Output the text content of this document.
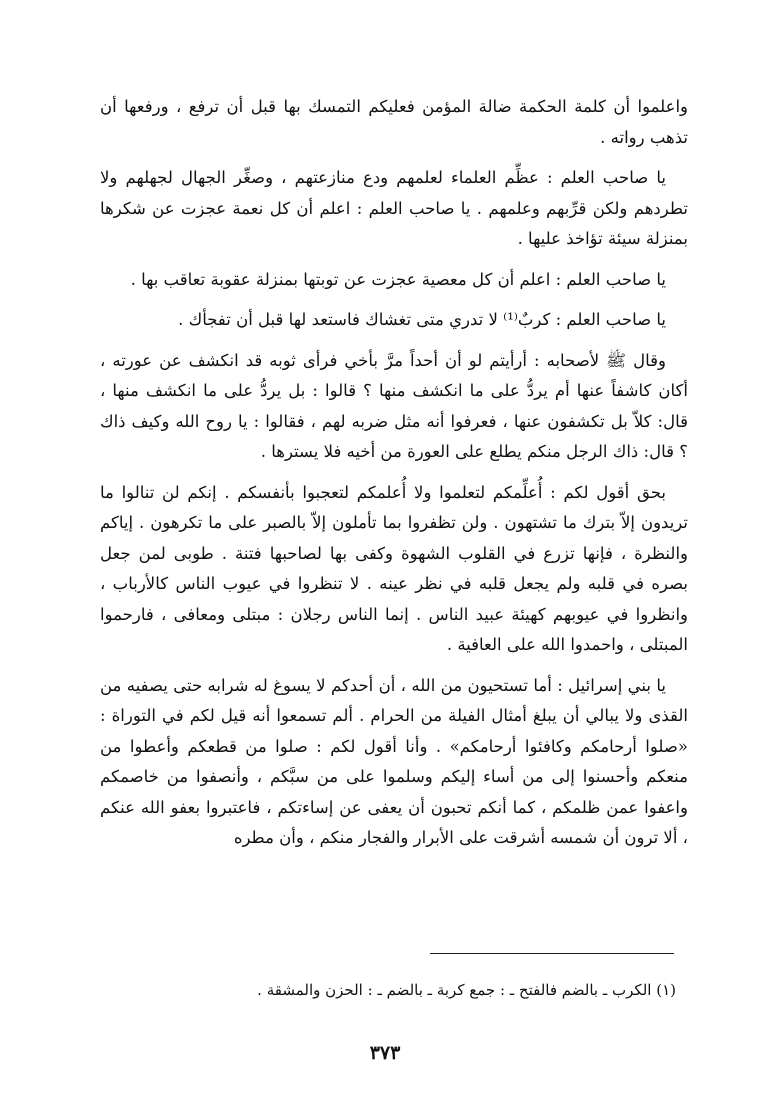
واعلموا أن كلمة الحكمة ضالة المؤمن فعليكم التمسك بها قبل أن ترفع ، ورفعها أن تذهب رواته .

يا صاحب العلم : عظِّم العلماء لعلمهم ودع منازعتهم ، وصغِّر الجهال لجهلهم ولا تطردهم ولكن قرِّبهم وعلمهم . يا صاحب العلم : اعلم أن كل نعمة عجزت عن شكرها بمنزلة سيئة تؤاخذ عليها .

يا صاحب العلم : اعلم أن كل معصية عجزت عن توبتها بمنزلة عقوبة تعاقب بها .

يا صاحب العلم : كربٌ⁽¹⁾ لا تدري متى تغشاك فاستعد لها قبل أن تفجأك .

وقال ﷺ لأصحابه : أرأيتم لو أن أحداً مرَّ بأخي فرأى ثوبه قد انكشف عن عورته ، أكان كاشفاً عنها أم يردُّ على ما انكشف منها ؟ قالوا : بل يردُّ على ما انكشف منها ، قال: كلاّ بل تكشفون عنها ، فعرفوا أنه مثل ضربه لهم ، فقالوا : يا روح الله وكيف ذاك ؟ قال: ذاك الرجل منكم يطلع على العورة من أخيه فلا يسترها .

بحق أقول لكم : أُعلِّمكم لتعلموا ولا أُعلمكم لتعجبوا بأنفسكم . إنكم لن تنالوا ما تريدون إلاّ بترك ما تشتهون . ولن تظفروا بما تأملون إلاّ بالصبر على ما تكرهون . إياكم والنظرة ، فإنها تزرع في القلوب الشهوة وكفى بها لصاحبها فتنة . طوبى لمن جعل بصره في قلبه ولم يجعل قلبه في نظر عينه . لا تنظروا في عيوب الناس كالأرباب ، وانظروا في عيوبهم كهيئة عبيد الناس . إنما الناس رجلان : مبتلى ومعافى ، فارحموا المبتلى ، واحمدوا الله على العافية .

يا بني إسرائيل : أما تستحيون من الله ، أن أحدكم لا يسوغ له شرابه حتى يصفيه من القذى ولا يبالي أن يبلغ أمثال الفيلة من الحرام . ألم تسمعوا أنه قيل لكم في التوراة : «صلوا أرحامكم وكافئوا أرحامكم» . وأنا أقول لكم : صلوا من قطعكم وأعطوا من منعكم وأحسنوا إلى من أساء إليكم وسلموا على من سبَّكم ، وأنصفوا من خاصمكم واعفوا عمن ظلمكم ، كما أنكم تحبون أن يعفى عن إساءتكم ، فاعتبروا بعفو الله عنكم ، ألا ترون أن شمسه أشرقت على الأبرار والفجار منكم ، وأن مطره

(١) الكرب ـ بالضم فالفتح ـ : جمع كربة ـ بالضم ـ : الحزن والمشقة .
٣٧٣
